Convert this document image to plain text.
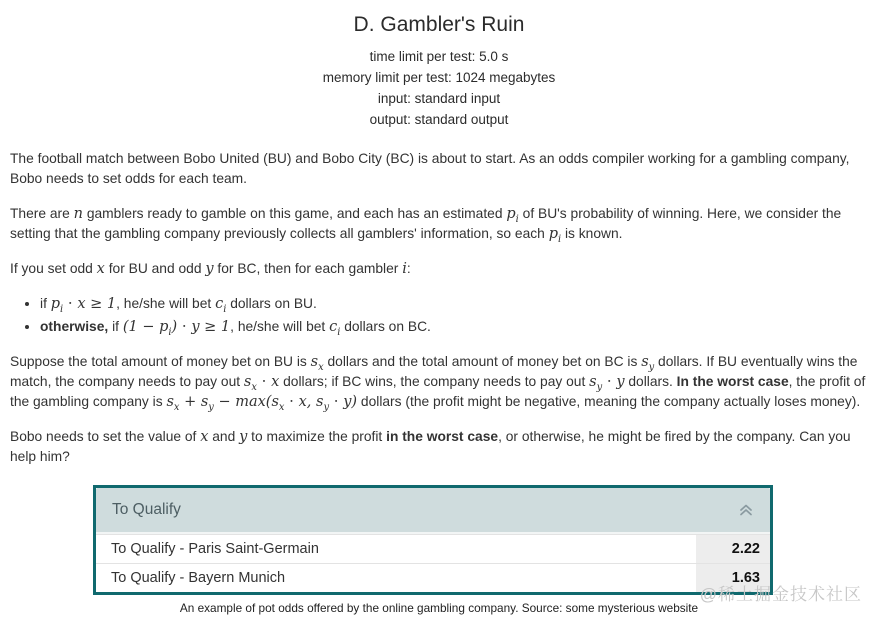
D. Gambler's Ruin
time limit per test: 5.0 s
memory limit per test: 1024 megabytes
input: standard input
output: standard output

The football match between Bobo United (BU) and Bobo City (BC) is about to start. As an odds compiler working for a gambling company, Bobo needs to set odds for each team.

There are n gamblers ready to gamble on this game, and each has an estimated $p_i$ of BU's probability of winning. Here, we consider the setting that the gambling company previously collects all gamblers' information, so each $p_i$ is known.

If you set odd x for BU and odd y for BC, then for each gambler i:

• if $p_i \cdot x \ge 1$, he/she will bet $c_i$ dollars on BU.
• otherwise, if $(1 - p_i) \cdot y \ge 1$, he/she will bet $c_i$ dollars on BC.

Suppose the total amount of money bet on BU is $s_x$ dollars and the total amount of money bet on BC is $s_y$ dollars. If BU eventually wins the match, the company needs to pay out $s_x \cdot x$ dollars; if BC wins, the company needs to pay out $s_y \cdot y$ dollars. In the worst case, the profit of the gambling company is $s_x + s_y - \max(s_x \cdot x$, $s_y \cdot y$) dollars (the profit might be negative, meaning the company actually loses money).

Bobo needs to set the value of x and y to maximize the profit in the worst case, or otherwise, he might be fired by the company. Can you help him?

To Qualify
To Qualify - Paris Saint-Germain	2.22
To Qualify - Bayern Munich	1.63
An example of pot odds offered by the online gambling company. Source: some mysterious website
@稀土掘金技术社区
